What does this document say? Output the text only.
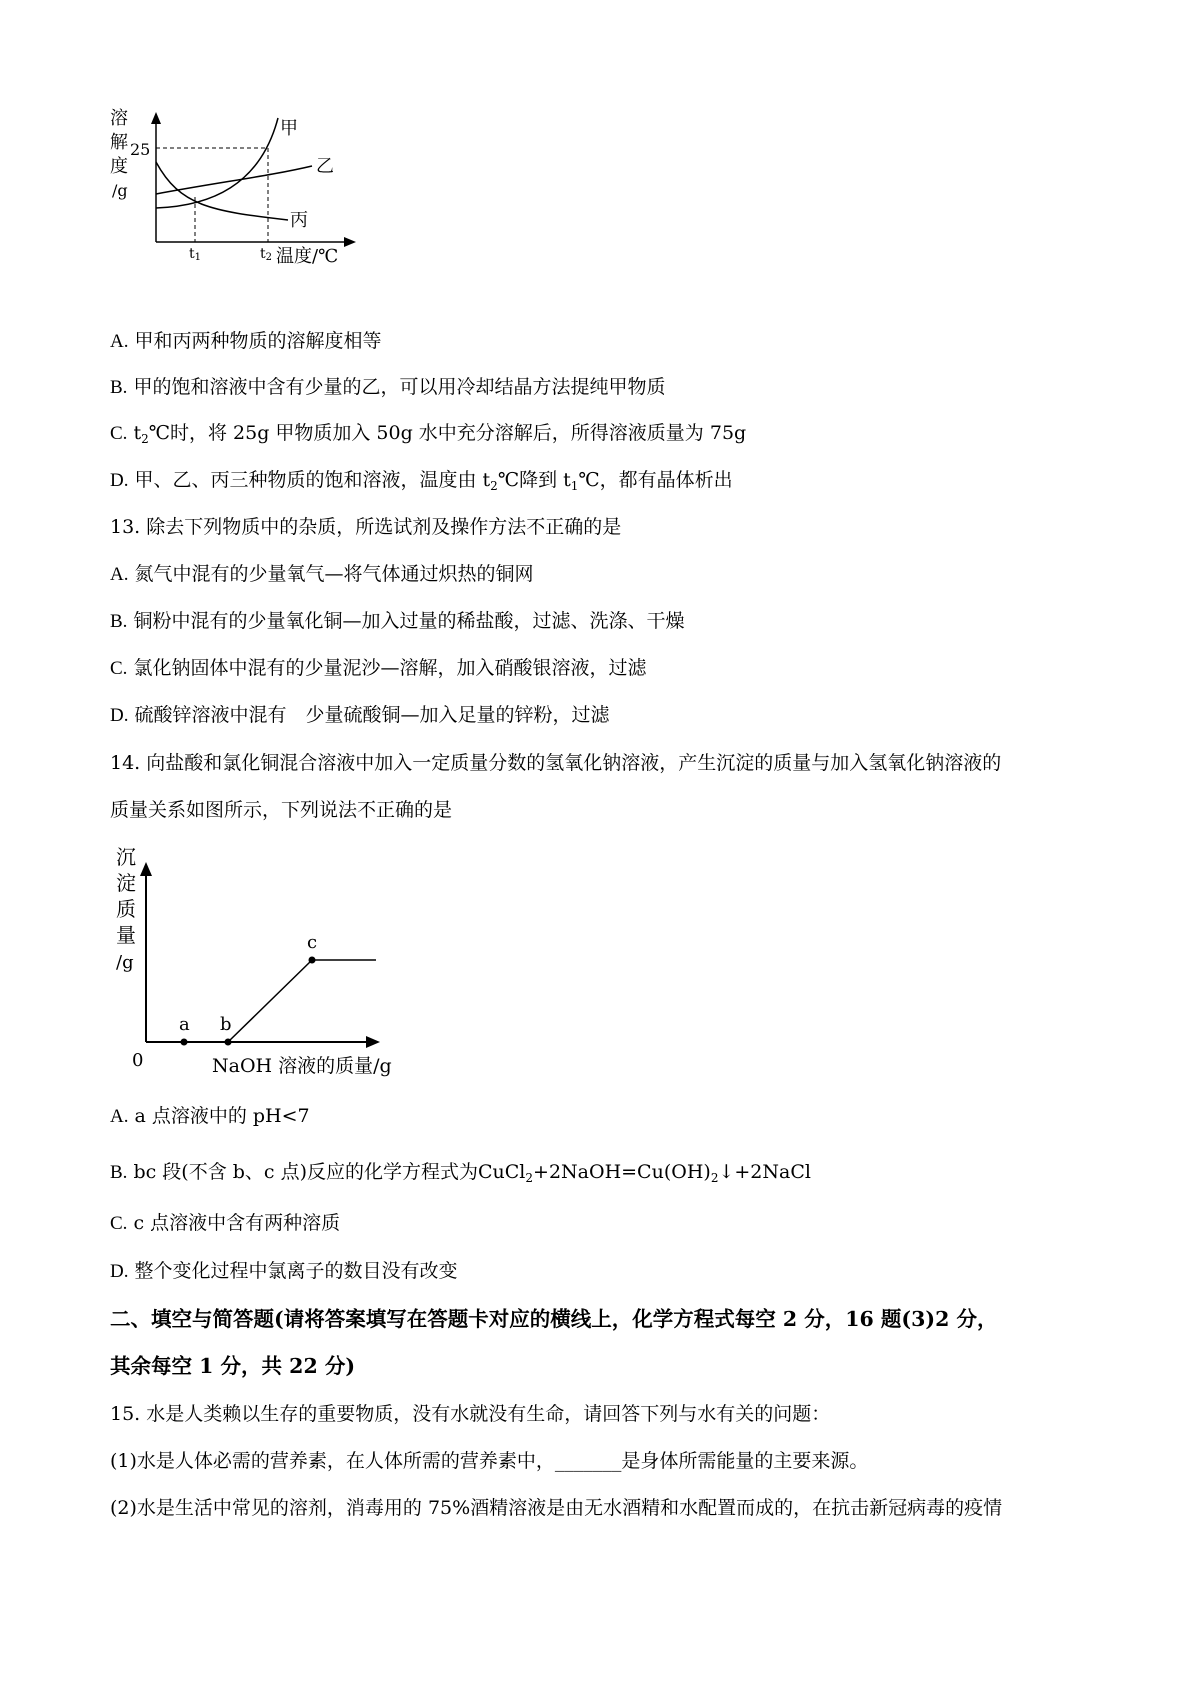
溶
解
度
/g
25
甲
乙
丙
t1	t2 温度/℃
A. 甲和丙两种物质的溶解度相等
B. 甲的饱和溶液中含有少量的乙，可以用冷却结晶方法提纯甲物质
C. $t_2℃$时，将 25g 甲物质加入 50g 水中充分溶解后，所得溶液质量为 75g
D. 甲、乙、丙三种物质的饱和溶液，温度由 $t_2℃$降到 $t_1℃$，都有晶体析出
13. 除去下列物质中的杂质，所选试剂及操作方法不正确的是
A. 氮气中混有的少量氧气—将气体通过炽热的铜网
B. 铜粉中混有的少量氧化铜—加入过量的稀盐酸，过滤、洗涤、干燥
C. 氯化钠固体中混有的少量泥沙—溶解，加入硝酸银溶液，过滤
D. 硫酸锌溶液中混有　少量硫酸铜—加入足量的锌粉，过滤
14. 向盐酸和氯化铜混合溶液中加入一定质量分数的氢氧化钠溶液，产生沉淀的质量与加入氢氧化钠溶液的
质量关系如图所示，下列说法不正确的是
沉
淀
质
量
/g
a b
c
0	NaOH 溶液的质量/g
A. a 点溶液中的 pH<7
B. bc 段(不含 b、c 点)反应的化学方程式为$CuCl_2+2NaOH=Cu(OH)_2↓+2NaCl$
C. c 点溶液中含有两种溶质
D. 整个变化过程中氯离子的数目没有改变
二、填空与简答题(请将答案填写在答题卡对应的横线上，化学方程式每空 2 分，16 题(3)2 分，
其余每空 1 分，共 22 分)
15. 水是人类赖以生存的重要物质，没有水就没有生命，请回答下列与水有关的问题：
(1)水是人体必需的营养素，在人体所需的营养素中，_______是身体所需能量的主要来源。
(2)水是生活中常见的溶剂，消毒用的 75%酒精溶液是由无水酒精和水配置而成的，在抗击新冠病毒的疫情
